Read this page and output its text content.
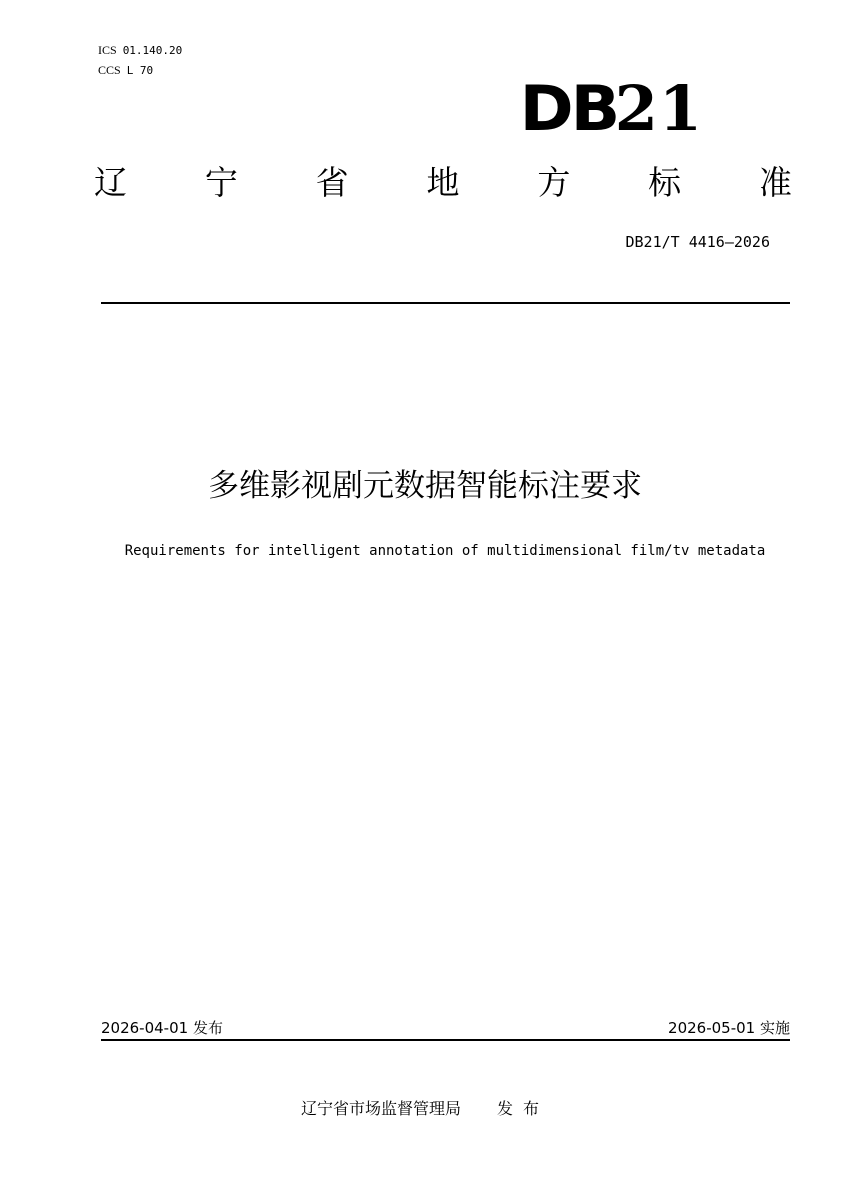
ICS 01.140.20
CCS L 70
DB21
辽 宁 省 地 方 标 准
DB21/T 4416—2026
多维影视剧元数据智能标注要求
Requirements for intelligent annotation of multidimensional film/tv metadata
2026-04-01 发布	2026-05-01 实施
辽宁省市场监督管理局 发布
